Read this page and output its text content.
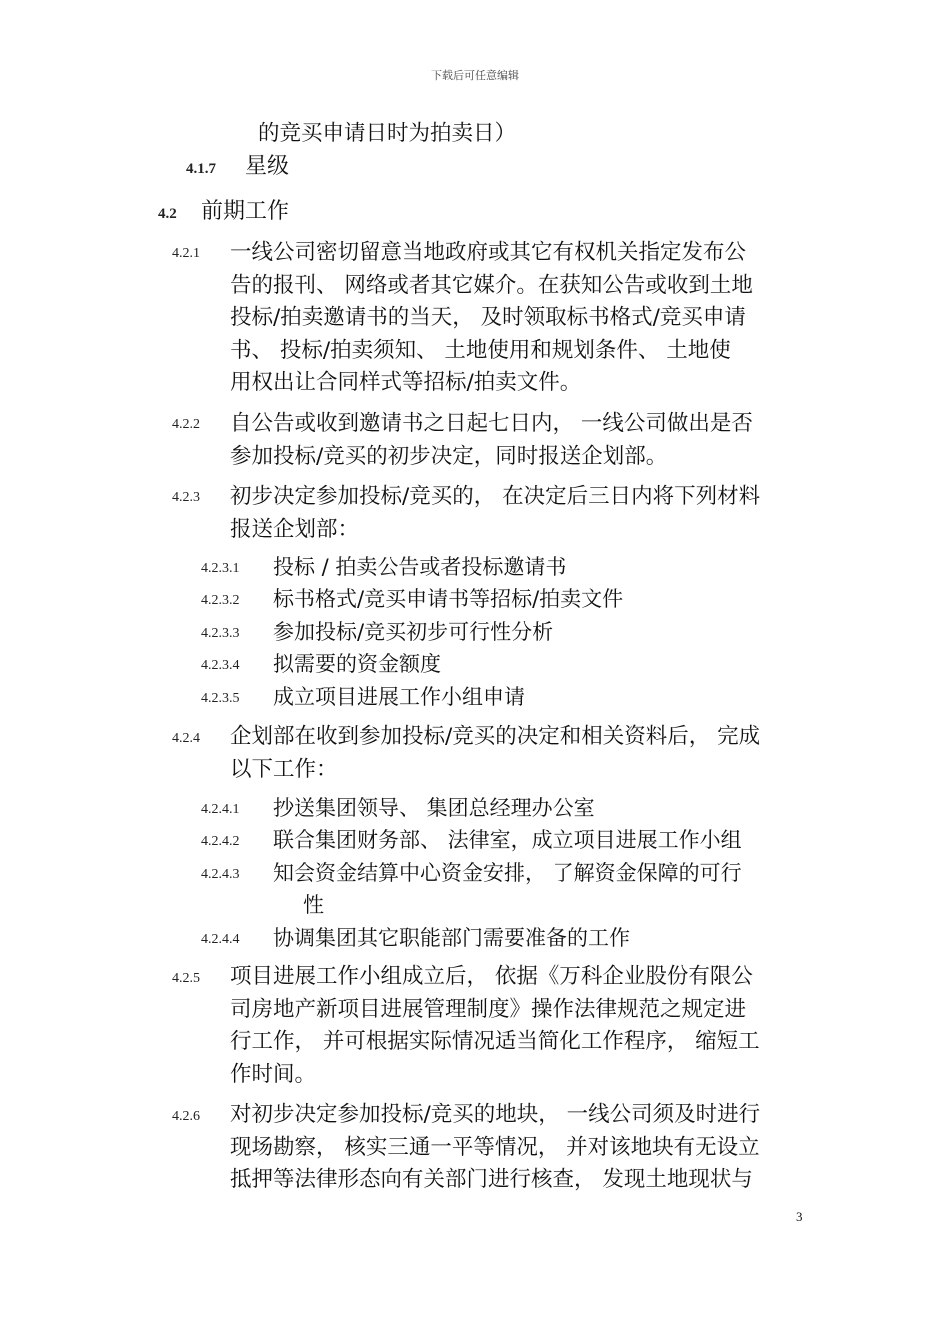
下载后可任意编辑
的竞买申请日时为拍卖日）
4.1.7 星级
4.2 前期工作
4.2.1 一线公司密切留意当地政府或其它有权机关指定发布公
告的报刊、 网络或者其它媒介。在获知公告或收到土地
投标/拍卖邀请书的当天， 及时领取标书格式/竞买申请
书、 投标/拍卖须知、 土地使用和规划条件、 土地使
用权出让合同样式等招标/拍卖文件。
4.2.2 自公告或收到邀请书之日起七日内， 一线公司做出是否
参加投标/竞买的初步决定，同时报送企划部。
4.2.3 初步决定参加投标/竞买的， 在决定后三日内将下列材料
报送企划部：
4.2.3.1 投标 / 拍卖公告或者投标邀请书
4.2.3.2 标书格式/竞买申请书等招标/拍卖文件
4.2.3.3 参加投标/竞买初步可行性分析
4.2.3.4 拟需要的资金额度
4.2.3.5 成立项目进展工作小组申请
4.2.4 企划部在收到参加投标/竞买的决定和相关资料后， 完成
以下工作：
4.2.4.1 抄送集团领导、 集团总经理办公室
4.2.4.2 联合集团财务部、 法律室，成立项目进展工作小组
4.2.4.3 知会资金结算中心资金安排， 了解资金保障的可行
性
4.2.4.4 协调集团其它职能部门需要准备的工作
4.2.5 项目进展工作小组成立后， 依据《万科企业股份有限公
司房地产新项目进展管理制度》操作法律规范之规定进
行工作， 并可根据实际情况适当简化工作程序， 缩短工
作时间。
4.2.6 对初步决定参加投标/竞买的地块， 一线公司须及时进行
现场勘察， 核实三通一平等情况， 并对该地块有无设立
抵押等法律形态向有关部门进行核查， 发现土地现状与
3
